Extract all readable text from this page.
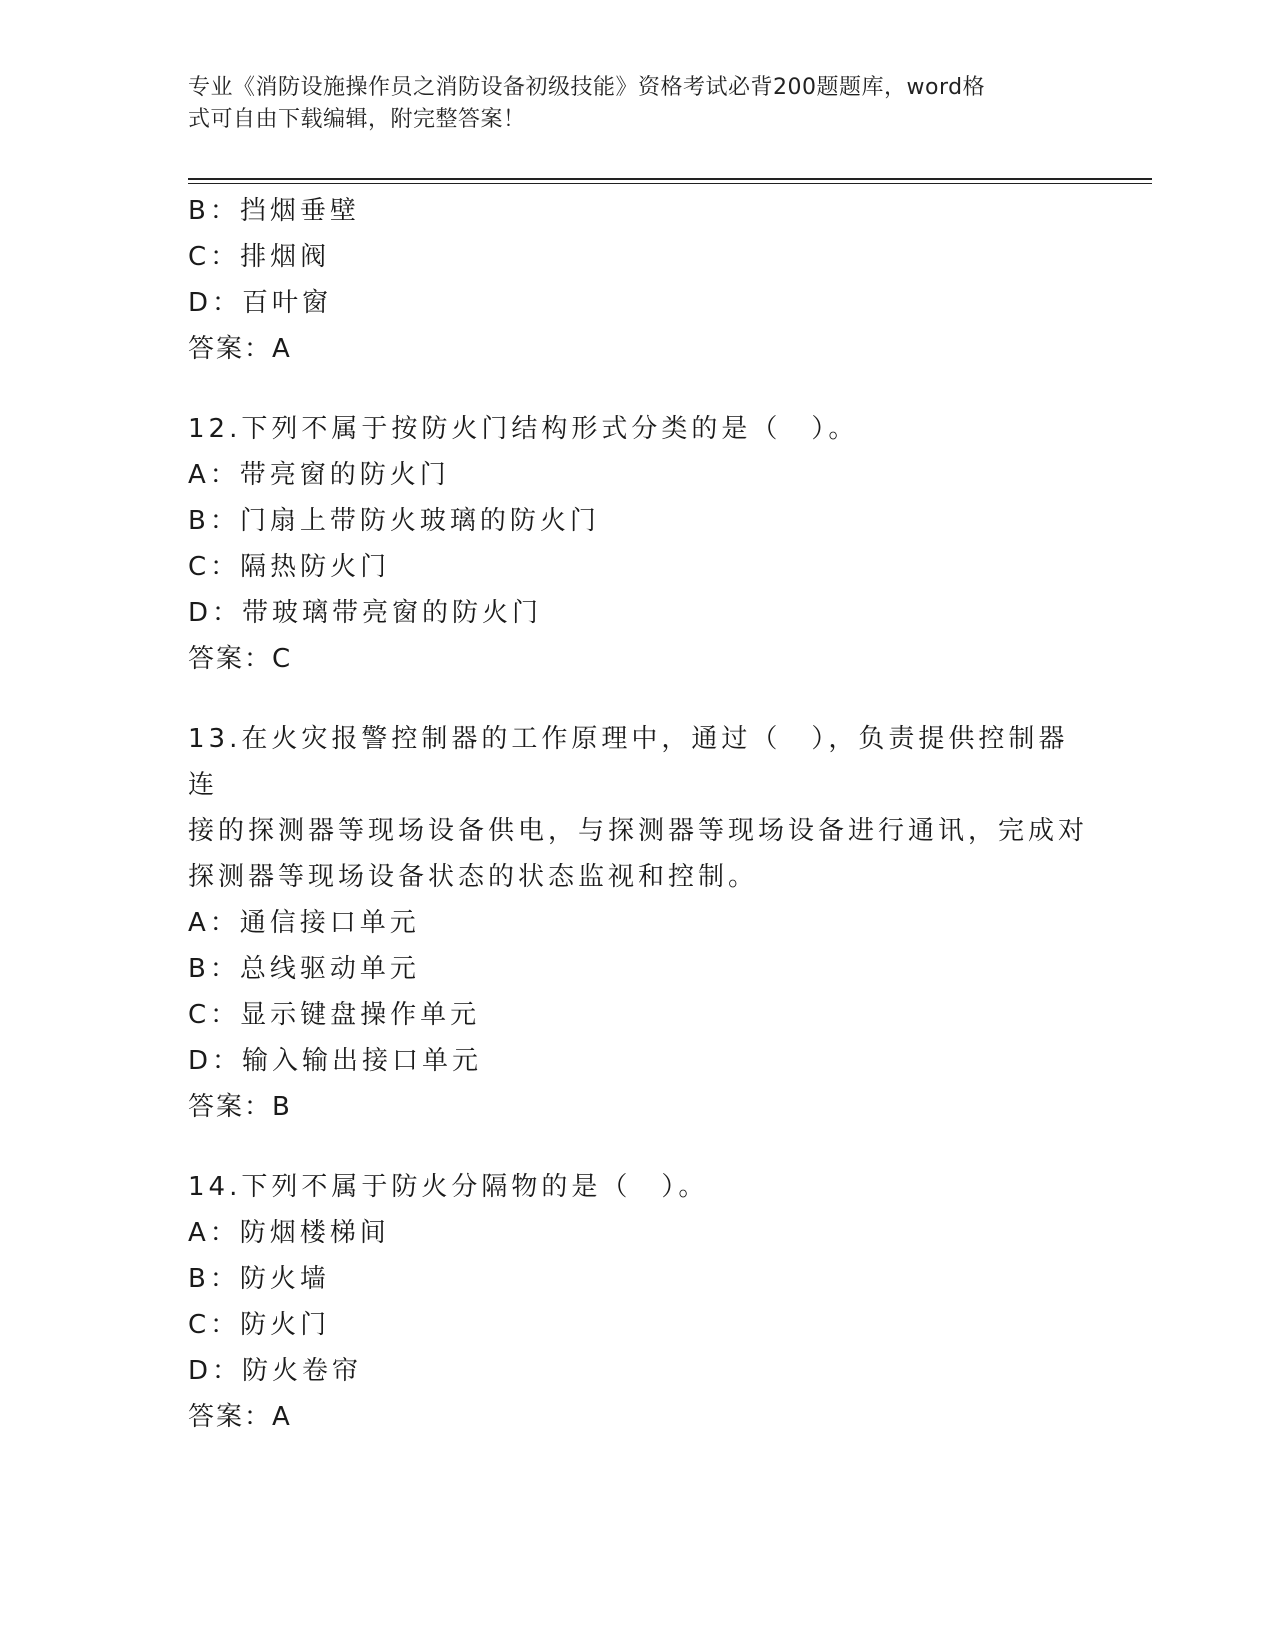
专业《消防设施操作员之消防设备初级技能》资格考试必背200题题库，word格
式可自由下载编辑，附完整答案！
B：挡烟垂壁
C：排烟阀
D：百叶窗
答案：A
12.下列不属于按防火门结构形式分类的是（　）。
A：带亮窗的防火门
B：门扇上带防火玻璃的防火门
C：隔热防火门
D：带玻璃带亮窗的防火门
答案：C
13.在火灾报警控制器的工作原理中，通过（　），负责提供控制器连
接的探测器等现场设备供电，与探测器等现场设备进行通讯，完成对
探测器等现场设备状态的状态监视和控制。
A：通信接口单元
B：总线驱动单元
C：显示键盘操作单元
D：输入输出接口单元
答案：B
14.下列不属于防火分隔物的是（　）。
A：防烟楼梯间
B：防火墙
C：防火门
D：防火卷帘
答案：A
